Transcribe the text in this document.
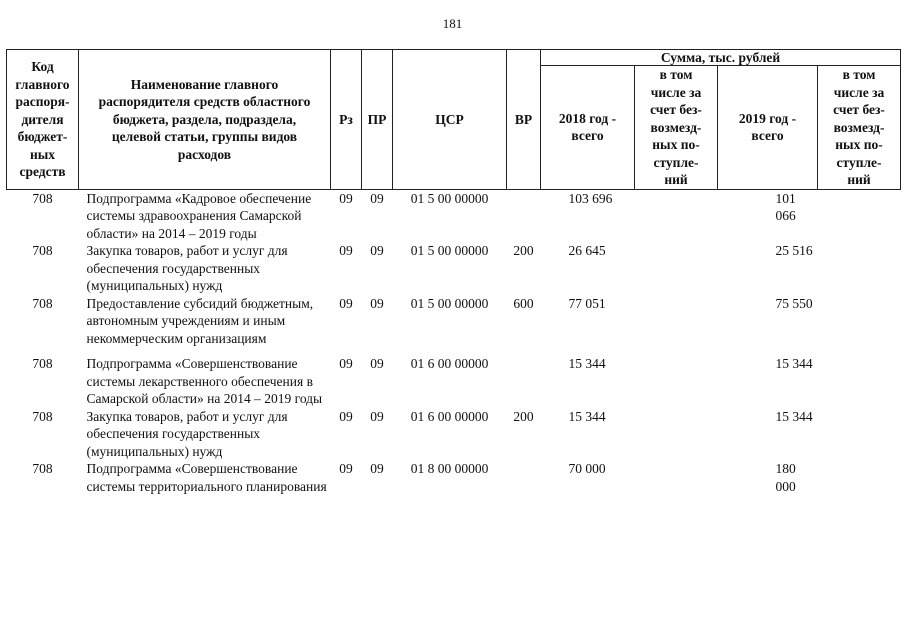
181
Код главного распоря-дителя бюджет-ных средств	Наименование главного распорядителя средств областного бюджета, раздела, подраздела, целевой статьи, группы видов расходов	Рз	ПР	ЦСР	ВР	Сумма, тыс. рублей			
						2018 год - всего	в том числе за счет без-возмезд-ных по-ступле-ний	2019 год - всего	в том числе за счет без-возмезд-ных по-ступле-ний
708	Подпрограмма «Кадровое обеспечение системы здравоохранения Самарской области» на 2014 – 2019 годы	09	09	01 5 00 00000		103 696		101 066	
708	Закупка товаров, работ и услуг для обеспечения государственных (муниципальных) нужд	09	09	01 5 00 00000	200	26 645		25 516	
708	Предоставление субсидий бюджетным, автономным учреждениям и иным некоммерческим организациям	09	09	01 5 00 00000	600	77 051		75 550	
708	Подпрограмма «Совершенствование системы лекарственного обеспечения в Самарской области» на 2014 – 2019 годы	09	09	01 6 00 00000		15 344		15 344	
708	Закупка товаров, работ и услуг для обеспечения государственных (муниципальных) нужд	09	09	01 6 00 00000	200	15 344		15 344	
708	Подпрограмма «Совершенствование системы территориального планирования	09	09	01 8 00 00000		70 000		180 000	
